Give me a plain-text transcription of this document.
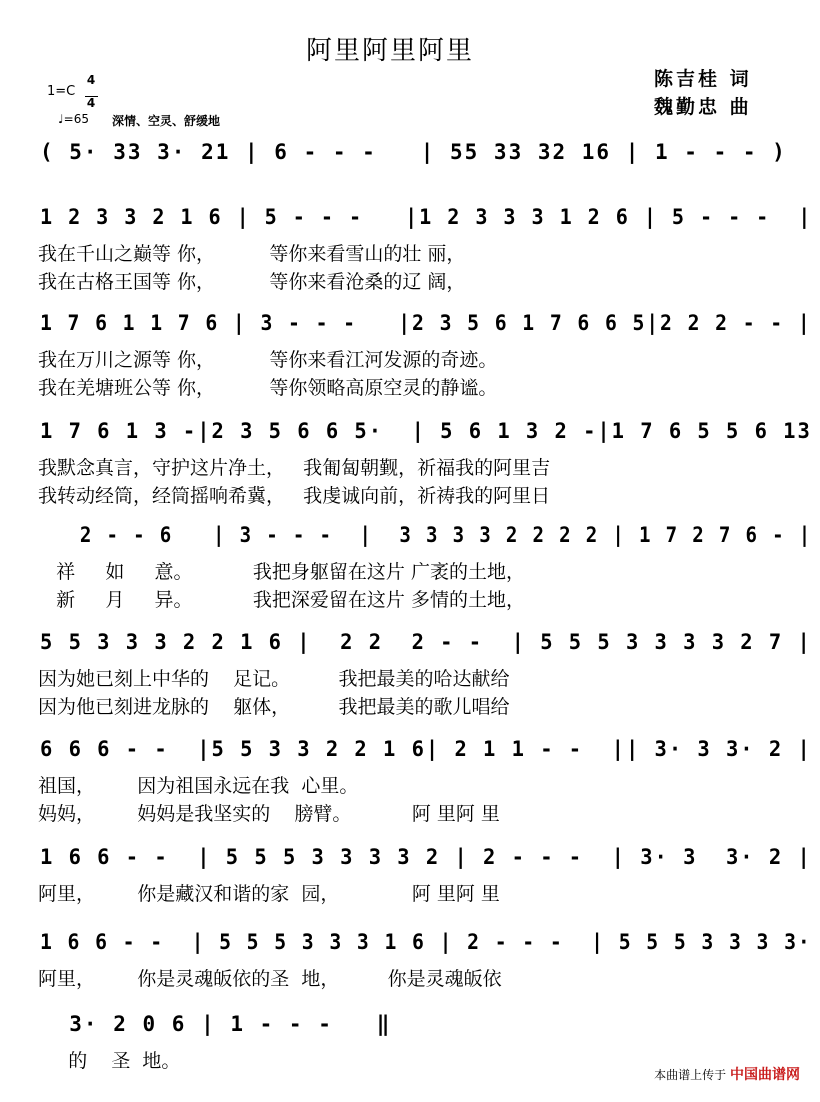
阿里阿里阿里
陈吉桂 词
魏勤忠 曲
1=C
4
4
♩=65 深情、空灵、舒缓地
( 5· 33 3· 21 | 6 - - -   | 55 33 32 16 | 1 - - - )
1 2 3 3 2 1 6 | 5 - - -   |1 2 3 3 3 1 2 6 | 5 - - -  |
我在千山之巅等 你，         等你来看雪山的壮 丽，
我在古格王国等 你，         等你来看沧桑的辽 阔，
1 7 6 1 1 7 6 | 3 - - -   |2 3 5 6 1 7 6 6 5|2 2 2 - - |
我在万川之源等 你，         等你来看江河发源的奇迹。
我在羌塘班公等 你，         等你领略高原空灵的静谧。
1 7 6 1 3 -|2 3 5 6 6 5·  | 5 6 1 3 2 -|1 7 6 5 5 6 13
我默念真言，守护这片净土，   我匍匐朝觐，祈福我的阿里吉
我转动经筒，经筒摇响希冀，   我虔诚向前，祈祷我的阿里日
2 - - 6   | 3 - - -  |  3 3 3 3 2 2 2 2 | 1 7 2 7 6 - |
祥     如     意。          我把身躯留在这片 广袤的土地，
新     月     异。          我把深爱留在这片 多情的土地，
5 5 3 3 3 2 2 1 6 |  2 2  2 - -  | 5 5 5 3 3 3 3 2 7 |
因为她已刻上中华的    足记。        我把最美的哈达献给
因为他已刻进龙脉的    躯体，        我把最美的歌儿唱给
6 6 6 - -  |5 5 3 3 2 2 1 6| 2 1 1 - -  || 3· 3 3· 2 |
祖国，       因为祖国永远在我  心里。
妈妈，       妈妈是我坚实的    膀臂。          阿 里阿 里
1 6 6 - -  | 5 5 5 3 3 3 3 2 | 2 - - -  | 3· 3  3· 2 |
阿里，       你是藏汉和谐的家  园，            阿 里阿 里
1 6 6 - -  | 5 5 5 3 3 3 1 6 | 2 - - -  | 5 5 5 3 3 3 3·
阿里，       你是灵魂皈依的圣  地，        你是灵魂皈依
3· 2 0 6 | 1 - - -   ‖
的    圣  地。
本曲谱上传于 中国曲谱网
